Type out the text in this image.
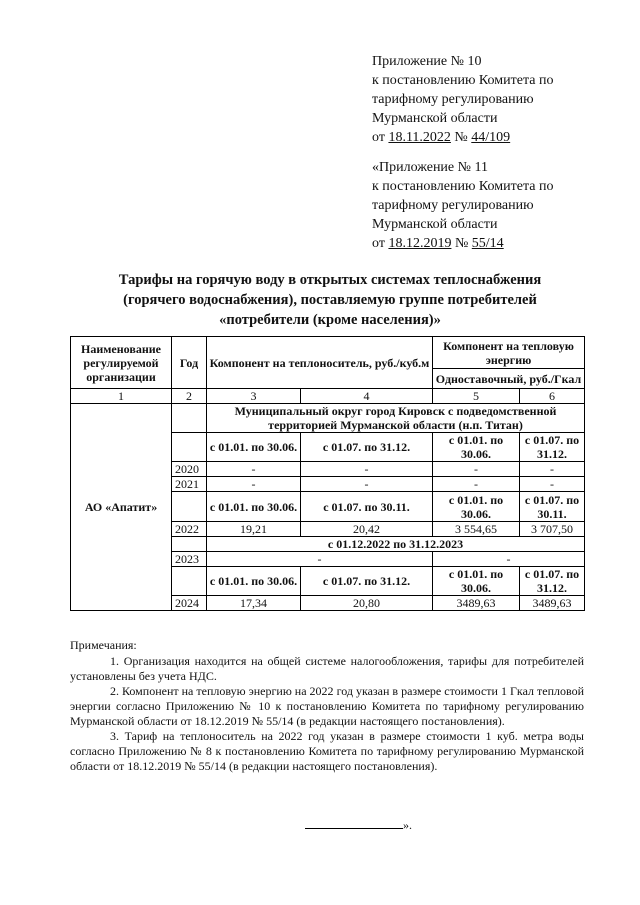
Приложение № 10
к постановлению Комитета по
тарифному регулированию
Мурманской области
от 18.11.2022 № 44/109
«Приложение № 11
к постановлению Комитета по
тарифному регулированию
Мурманской области
от 18.12.2019 № 55/14
Тарифы на горячую воду в открытых системах теплоснабжения
(горячего водоснабжения), поставляемую группе потребителей
«потребители (кроме населения)»
Наименование регулируемой организации	Год	Компонент на теплоноситель, руб./куб.м		Компонент на тепловую энергию	
				Одноставочный, руб./Гкал	
1	2	3	4	5	6
АО «Апатит»		Муниципальный округ город Кировск с подведомственной территорией Мурманской области (н.п. Титан)			
		с 01.01. по 30.06.	с 01.07. по 31.12.	с 01.01. по 30.06.	с 01.07. по 31.12.
	2020	-	-	-	-
	2021	-	-	-	-
		с 01.01. по 30.06.	с 01.07. по 30.11.	с 01.01. по 30.06.	с 01.07. по 30.11.
	2022	19,21	20,42	3 554,65	3 707,50
		с 01.12.2022 по 31.12.2023			
	2023	-		-	
		с 01.01. по 30.06.	с 01.07. по 31.12.	с 01.01. по 30.06.	с 01.07. по 31.12.
	2024	17,34	20,80	3489,63	3489,63

Примечания:

1. Организация находится на общей системе налогообложения, тарифы для потребителей установлены без учета НДС.

2. Компонент на тепловую энергию на 2022 год указан в размере стоимости 1 Гкал тепловой энергии согласно Приложению № 10 к постановлению Комитета по тарифному регулированию Мурманской области от 18.12.2019 № 55/14 (в редакции настоящего постановления).

3. Тариф на теплоноситель на 2022 год указан в размере стоимости 1 куб. метра воды согласно Приложению № 8 к постановлению Комитета по тарифному регулированию Мурманской области от 18.12.2019 № 55/14 (в редакции настоящего постановления).

».
